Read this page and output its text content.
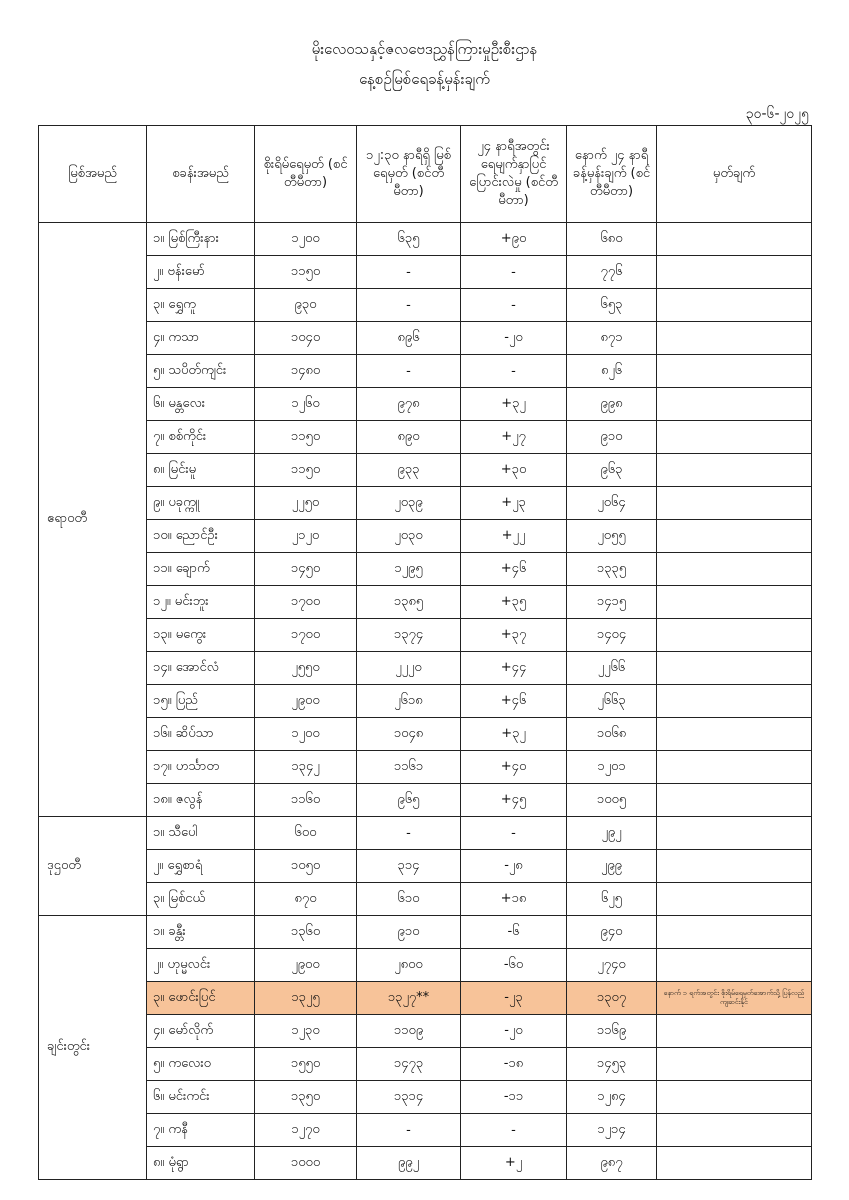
မိုးလေဝသနှင့်ဇလဗေဒညွှန်ကြားမှုဦးစီးဌာန
နေ့စဉ်မြစ်ရေခန့်မှန်းချက်
၃၀-၆-၂၀၂၅
မြစ်အမည်	စခန်းအမည်	စိုးရိမ်ရေမှတ် (စင်တီမီတာ)	၁၂:၃၀ နာရီရှိ မြစ်ရေမှတ် (စင်တီမီတာ)	၂၄ နာရီအတွင်း ရေမျက်နှာပြင် ပြောင်းလဲမှု (စင်တီမီတာ)	နောက် ၂၄ နာရီ ခန့်မှန်းချက် (စင်တီမီတာ)	မှတ်ချက်
ဧရာဝတီ	၁။ မြစ်ကြီးနား	၁၂၀၀	၆၃၅	+၉၀	၆၈၀	
	၂။ ဗန်းမော်	၁၁၅၀	-	-	၇၇၆	
	၃။ ရွှေကူ	၉၃၀	-	-	၆၅၃	
	၄။ ကသာ	၁၀၄၀	၈၉၆	-၂၀	၈၇၁	
	၅။ သပိတ်ကျင်း	၁၄၈၀	-	-	၈၂၆	
	၆။ မန္တလေး	၁၂၆၀	၉၇၈	+၃၂	၉၉၈	
	၇။ စစ်ကိုင်း	၁၁၅၀	၈၉၀	+၂၇	၉၁၀	
	၈။ မြင်းမူ	၁၁၅၀	၉၃၃	+၃၀	၉၆၃	
	၉။ ပခုက္ကူ	၂၂၅၀	၂၀၃၉	+၂၃	၂၀၆၄	
	၁၀။ ညောင်ဦး	၂၁၂၀	၂၀၃၀	+၂၂	၂၀၅၅	
	၁၁။ ချောက်	၁၄၅၀	၁၂၉၅	+၄၆	၁၃၃၅	
	၁၂။ မင်းဘူး	၁၇၀၀	၁၃၈၅	+၃၅	၁၄၁၅	
	၁၃။ မကွေး	၁၇၀၀	၁၃၇၄	+၃၇	၁၄၀၄	
	၁၄။ အောင်လံ	၂၅၅၀	၂၂၂၀	+၄၄	၂၂၆၆	
	၁၅။ ပြည်	၂၉၀၀	၂၆၁၈	+၄၆	၂၆၆၃	
	၁၆။ ဆိပ်သာ	၁၂၀၀	၁၀၄၈	+၃၂	၁၀၆၈	
	၁၇။ ဟင်္သာတ	၁၃၄၂	၁၁၆၁	+၄၀	၁၂၀၁	
	၁၈။ ဇလွန်	၁၁၆၀	၉၆၅	+၄၅	၁၀၀၅	
ဒုဌဝတီ	၁။ သီပေါ	၆၀၀	-	-	၂၉၂	
	၂။ ရွှေစာရံ	၁၀၅၀	၃၁၄	-၂၈	၂၉၉	
	၃။ မြစ်ငယ်	၈၇၀	၆၁၀	+၁၈	၆၂၅	
ချင်းတွင်း	၁။ ခန္တီး	၁၃၆၀	၉၁၀	-၆	၉၄၀	
	၂။ ဟုမ္မလင်း	၂၉၀၀	၂၈၀၀	-၆၀	၂၇၄၀	
	၃။ ဖောင်းပြင်	၁၃၂၅	၁၃၂၇**	-၂၃	၁၃၀၇	နောက် ၁ ရက်အတွင်း စိုးရိမ်ရေမှတ်အောက်သို့ ပြန်လည်ကျဆင်းနိုင်
	၄။ မော်လိုက်	၁၂၃၀	၁၁၀၉	-၂၀	၁၁၆၉	
	၅။ ကလေးဝ	၁၅၅၀	၁၄၇၃	-၁၈	၁၄၅၃	
	၆။ မင်းကင်း	၁၃၅၀	၁၃၁၄	-၁၁	၁၂၈၄	
	၇။ ကနီ	၁၂၇၀	-	-	၁၂၁၄	
	၈။ မုံရွာ	၁၀၀၀	၉၉၂	+၂	၉၈၇	
